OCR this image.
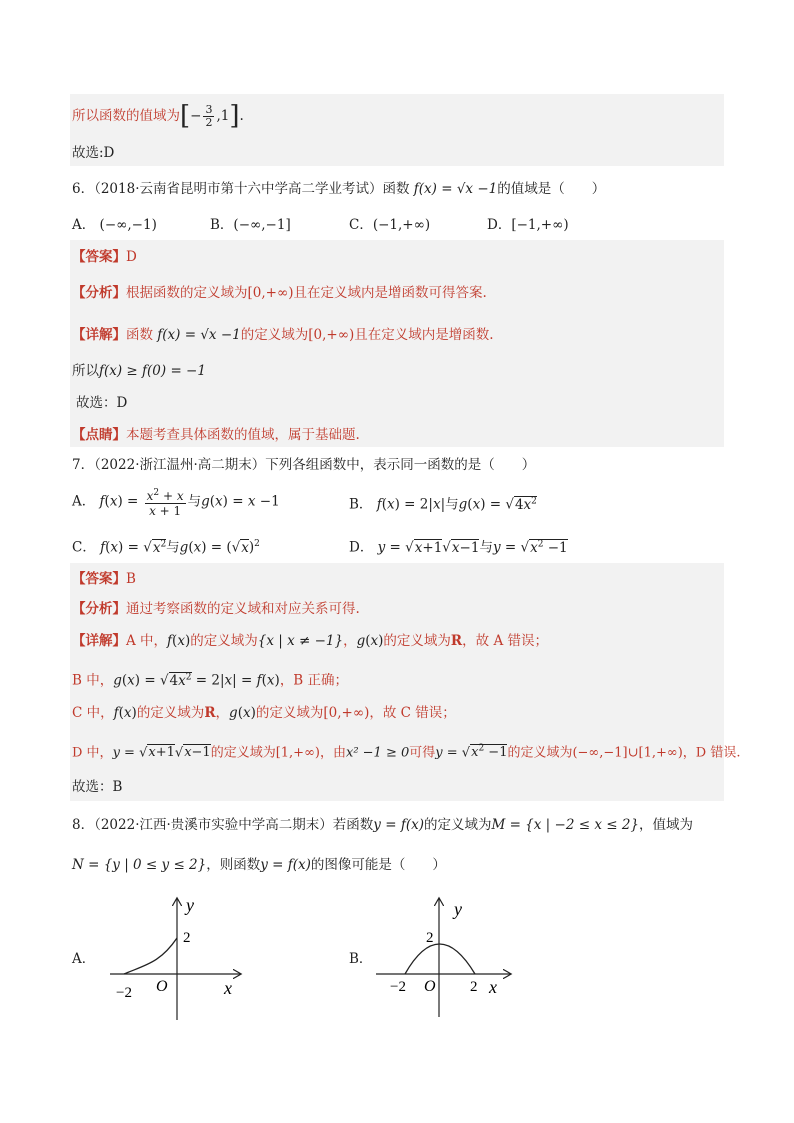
所以函数的值域为[− $\frac{3}{2} ,1$].
故选:D
6．（2018·云南省昆明市第十六中学高二学业考试）函数 f(x) = √x −1的值域是（　　）
A． (−∞,−1)	B．(−∞,−1]	C．(−1,+∞)	D．[−1,+∞)
【答案】D
【分析】根据函数的定义域为[0,+∞)且在定义域内是增函数可得答案.
【详解】函数 f(x) = √x −1的定义域为[0,+∞)且在定义域内是增函数.
所以f(x) ≥ f(0) = −1
故选：D
【点睛】本题考查具体函数的值域，属于基础题.
7．（2022·浙江温州·高二期末）下列各组函数中，表示同一函数的是（　　）
A． $f(x) = \frac{x^2 + x}{x + 1}$ 与g(x) = x −1	B． f(x) = 2|x|与$g(x) = √4x^2$
C． $f(x) = √x^2$与$g(x) = (√x)^2$	D． y = √x+1√x−1与$y = √x^2 -1$
【答案】B
【分析】通过考察函数的定义域和对应关系可得.
【详解】A 中，f(x)的定义域为{x | x ≠ −1}，g(x)的定义域为R，故 A 错误；
B 中，$g(x) = √4x^2 = 2|x| = f(x)$，B 正确；
C 中，f(x)的定义域为R，g(x)的定义域为[0,+∞)，故 C 错误；
D 中，y = √x+1√x−1的定义域为[1,+∞)，由x² −1 ≥ 0可得$y = √x^2 -1$的定义域为(−∞,−1]∪[1,+∞)，D 错误.
故选：B
8．（2022·江西·贵溪市实验中学高二期末）若函数y = f(x)的定义域为M = {x | −2 ≤ x ≤ 2}，值域为
N = {y | 0 ≤ y ≤ 2}，则函数y = f(x)的图像可能是（　　）
A．
y
x
O
−2
2
B．
y
x
O
−2	2
2
